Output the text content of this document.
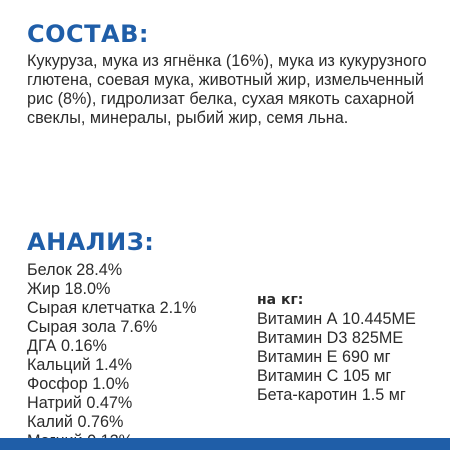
СОСТАВ:

Кукуруза, мука из ягнёнка (16%), мука из кукурузного глютена, соевая мука, животный жир, измельченный рис (8%), гидролизат белка, сухая мякоть сахарной свеклы, минералы, рыбий жир, семя льна.

АНАЛИЗ:
Белок 28.4%
Жир 18.0%
Сырая клетчатка 2.1%
Сырая зола 7.6%
ДГА 0.16%
Кальций 1.4%
Фосфор 1.0%
Натрий 0.47%
Калий 0.76%

на кг:

Витамин А 10.445МЕ
Витамин D3 825МЕ
Витамин Е 690 мг
Витамин С 105 мг
Бета-каротин 1.5 мг
